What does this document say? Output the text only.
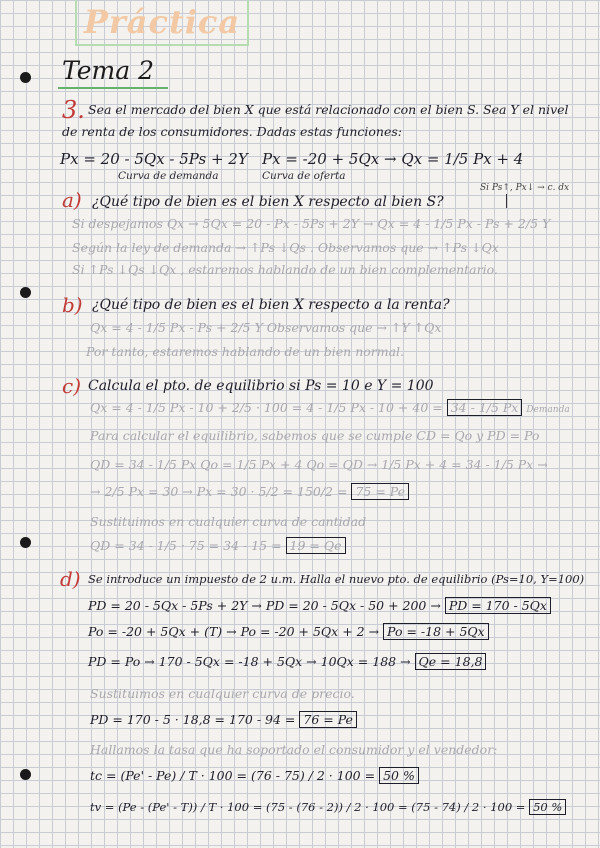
Práctica
Tema 2
3. Sea el mercado del bien X que está relacionado con el bien S. Sea Y el nivel
de renta de los consumidores. Dadas estas funciones:
Px = 20 - 5Qx - 5Ps + 2Y
Curva de demanda
Px = -20 + 5Qx → Qx = 1/5 Px + 4
Curva de oferta
Si Ps↑, Px↓ → c. dx
a) ¿Qué tipo de bien es el bien X respecto al bien S?
Si despejamos Qx → 5Qx = 20 - Px - 5Ps + 2Y → Qx = 4 - 1/5 Px - Ps + 2/5 Y
Según la ley de demanda → ↑Ps ↓Qs . Observamos que → ↑Ps ↓Qx
Si ↑Ps ↓Qs ↓Qx , estaremos hablando de un bien complementario.
b) ¿Qué tipo de bien es el bien X respecto a la renta?
Qx = 4 - 1/5 Px - Ps + 2/5 Y Observamos que → ↑Y ↑Qx
Por tanto, estaremos hablando de un bien normal.
c) Calcula el pto. de equilibrio si Ps = 10 e Y = 100
Qx = 4 - 1/5 Px - 10 + 2/5 · 100 = 4 - 1/5 Px - 10 + 40 = 34 - 1/5 Px Demanda
Para calcular el equilibrio, sabemos que se cumple CD = Qo y PD = Po
QD = 34 - 1/5 Px Qo = 1/5 Px + 4 Qo = QD → 1/5 Px + 4 = 34 - 1/5 Px →
→ 2/5 Px = 30 → Px = 30 · 5/2 = 150/2 = 75 = Pe
Sustituimos en cualquier curva de cantidad
QD = 34 - 1/5 · 75 = 34 - 15 = 19 = Qe
d) Se introduce un impuesto de 2 u.m. Halla el nuevo pto. de equilibrio (Ps=10, Y=100)
PD = 20 - 5Qx - 5Ps + 2Y → PD = 20 - 5Qx - 50 + 200 → PD = 170 - 5Qx
Po = -20 + 5Qx + (T) → Po = -20 + 5Qx + 2 → Po = -18 + 5Qx
PD = Po → 170 - 5Qx = -18 + 5Qx → 10Qx = 188 → Qe = 18,8
Sustituimos en cualquier curva de precio.
PD = 170 - 5 · 18,8 = 170 - 94 = 76 = Pe
Hallamos la tasa que ha soportado el consumidor y el vendedor:
tc = (Pe' - Pe) / T · 100 = (76 - 75) / 2 · 100 = 50 %
tv = (Pe - (Pe' - T)) / T · 100 = (75 - (76 - 2)) / 2 · 100 = (75 - 74) / 2 · 100 = 50 %
